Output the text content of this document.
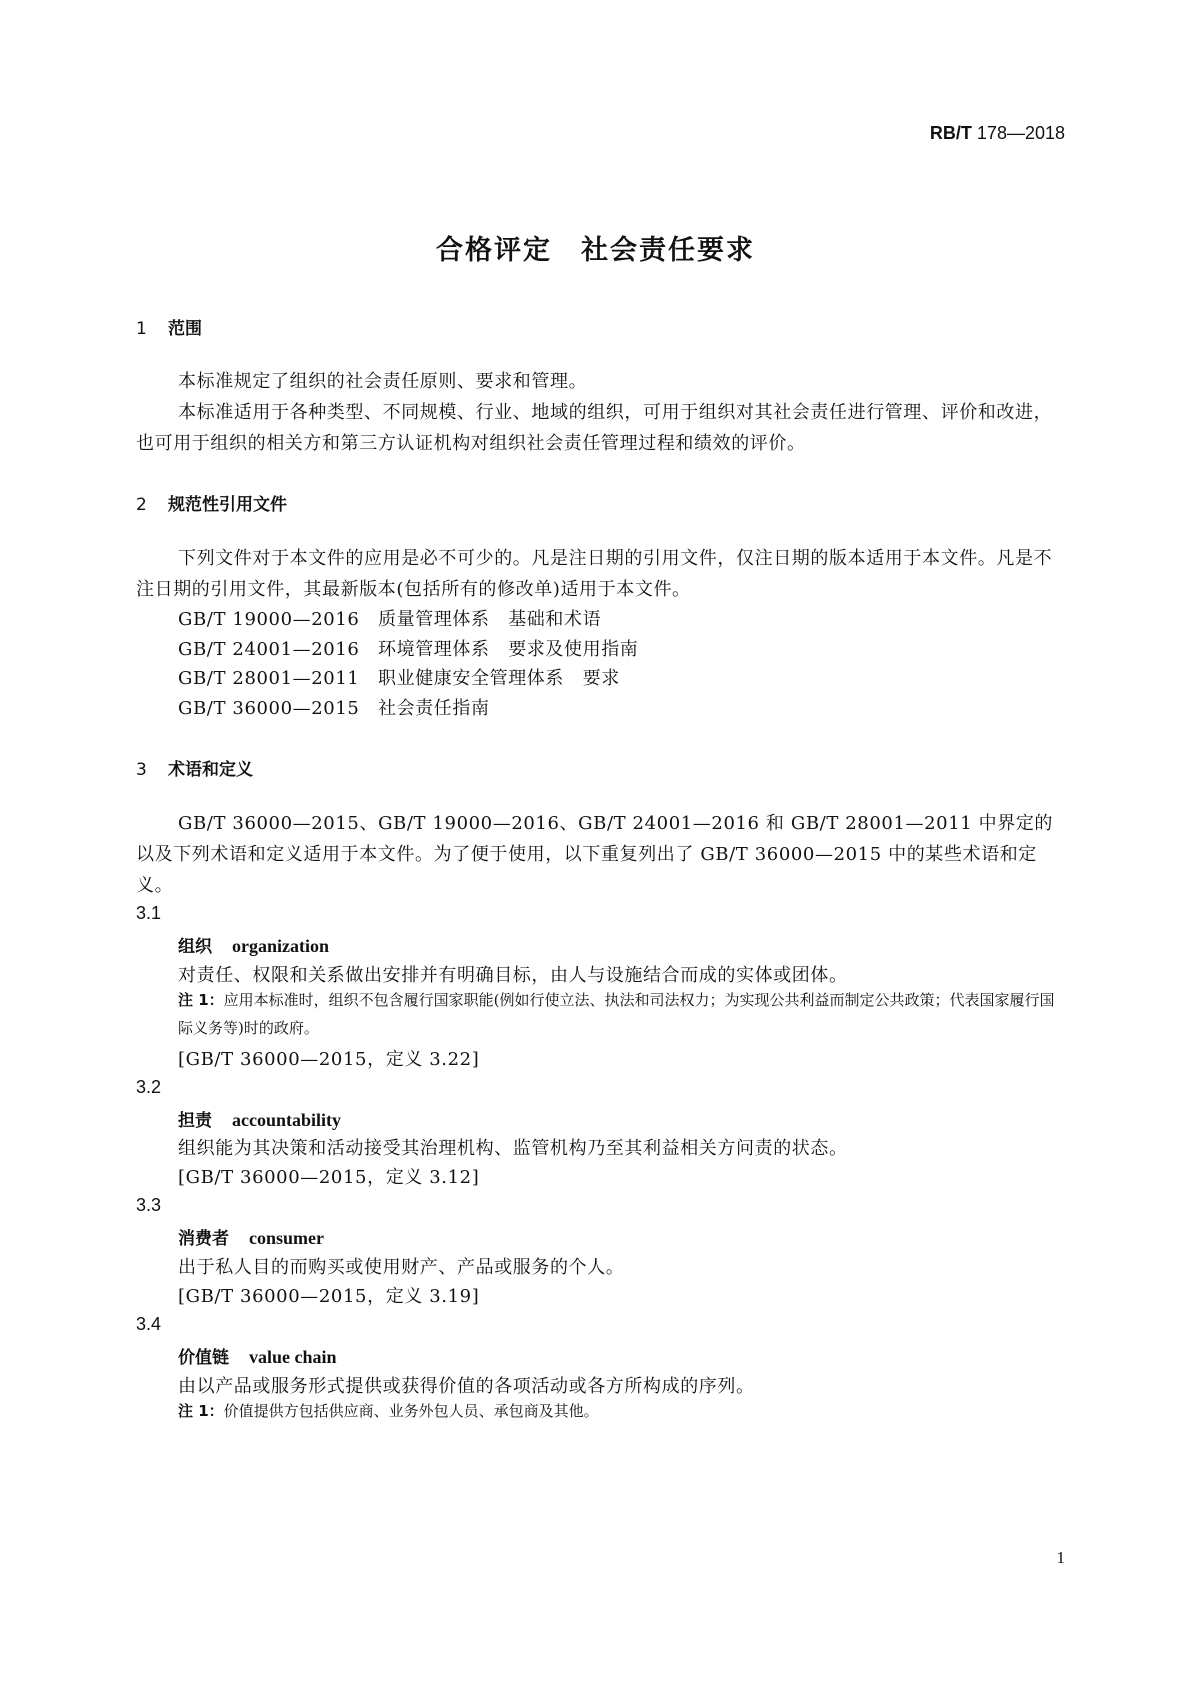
RB/T 178—2018
合格评定　社会责任要求
1 范围
本标准规定了组织的社会责任原则、要求和管理。
本标准适用于各种类型、不同规模、行业、地域的组织，可用于组织对其社会责任进行管理、评价和改进，也可用于组织的相关方和第三方认证机构对组织社会责任管理过程和绩效的评价。
2 规范性引用文件
下列文件对于本文件的应用是必不可少的。凡是注日期的引用文件，仅注日期的版本适用于本文件。凡是不注日期的引用文件，其最新版本(包括所有的修改单)适用于本文件。
GB/T 19000—2016 质量管理体系　基础和术语
GB/T 24001—2016 环境管理体系　要求及使用指南
GB/T 28001—2011 职业健康安全管理体系　要求
GB/T 36000—2015 社会责任指南
3 术语和定义
GB/T 36000—2015、GB/T 19000—2016、GB/T 24001—2016 和 GB/T 28001—2011 中界定的以及下列术语和定义适用于本文件。为了便于使用，以下重复列出了 GB/T 36000—2015 中的某些术语和定义。
3.1
组织 organization
对责任、权限和关系做出安排并有明确目标，由人与设施结合而成的实体或团体。
注 1：应用本标准时，组织不包含履行国家职能(例如行使立法、执法和司法权力；为实现公共利益而制定公共政策；代表国家履行国际义务等)时的政府。
[GB/T 36000—2015，定义 3.22]
3.2
担责 accountability
组织能为其决策和活动接受其治理机构、监管机构乃至其利益相关方问责的状态。
[GB/T 36000—2015，定义 3.12]
3.3
消费者 consumer
出于私人目的而购买或使用财产、产品或服务的个人。
[GB/T 36000—2015，定义 3.19]
3.4
价值链 value chain
由以产品或服务形式提供或获得价值的各项活动或各方所构成的序列。
注 1：价值提供方包括供应商、业务外包人员、承包商及其他。
1
